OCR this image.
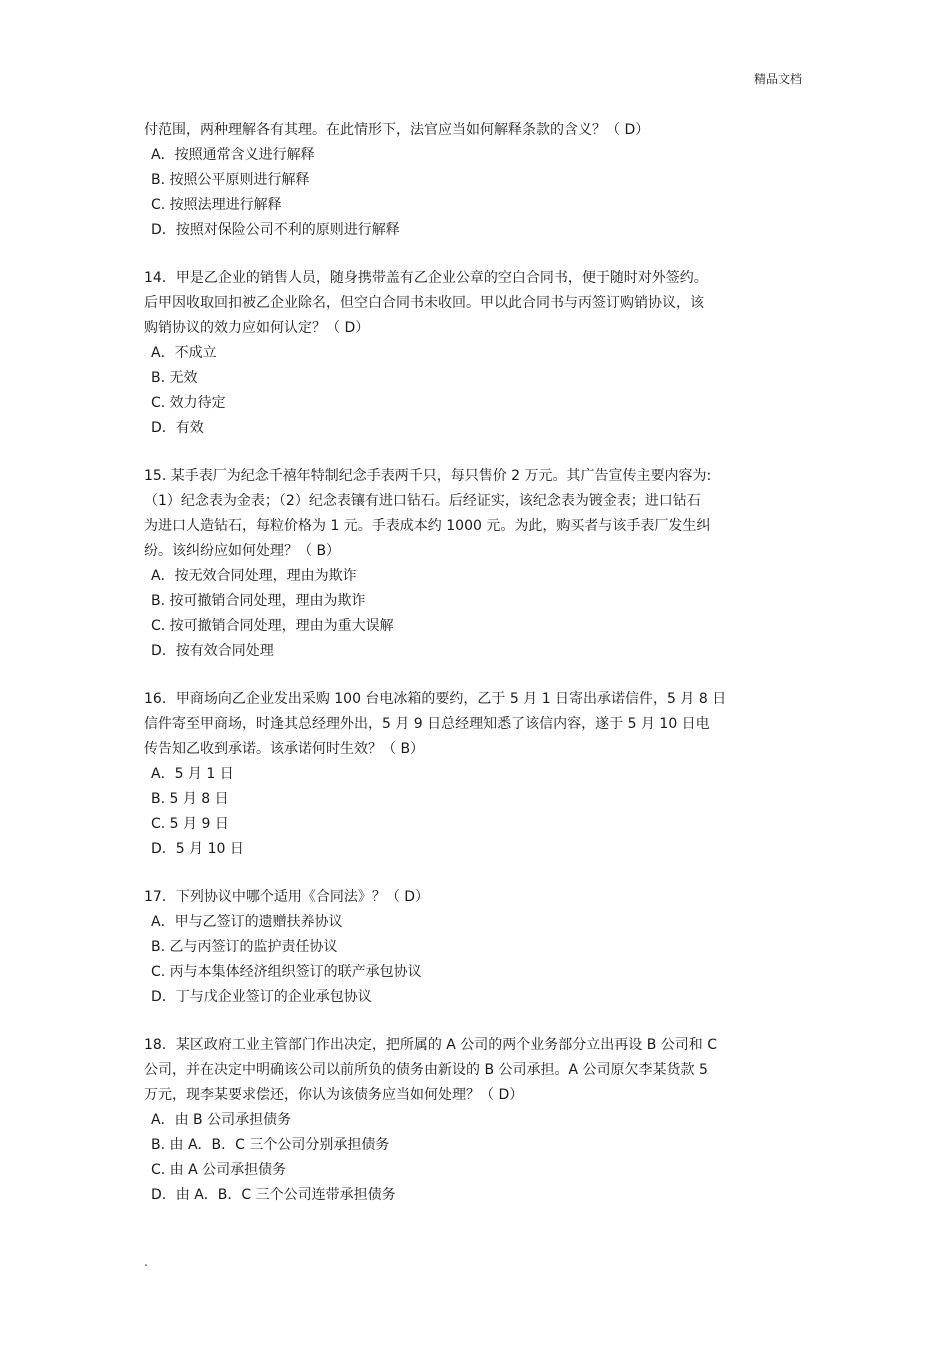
精品文档

付范围，两种理解各有其理。在此情形下，法官应当如何解释条款的含义？（ D）

A．按照通常含义进行解释

B. 按照公平原则进行解释

C. 按照法理进行解释

D．按照对保险公司不利的原则进行解释

14．甲是乙企业的销售人员，随身携带盖有乙企业公章的空白合同书，便于随时对外签约。

后甲因收取回扣被乙企业除名，但空白合同书未收回。甲以此合同书与丙签订购销协议，该

购销协议的效力应如何认定？（ D）

A．不成立

B. 无效

C. 效力待定

D．有效

15. 某手表厂为纪念千禧年特制纪念手表两千只，每只售价 2 万元。其广告宣传主要内容为:

（1）纪念表为金表；（2）纪念表镶有进口钻石。后经证实，该纪念表为镀金表；进口钻石

为进口人造钻石，每粒价格为 1 元。手表成本约 1000 元。为此，购买者与该手表厂发生纠

纷。该纠纷应如何处理？（ B）

A．按无效合同处理，理由为欺诈

B. 按可撤销合同处理，理由为欺诈

C. 按可撤销合同处理，理由为重大误解

D．按有效合同处理

16．甲商场向乙企业发出采购 100 台电冰箱的要约，乙于 5 月 1 日寄出承诺信件，5 月 8 日

信件寄至甲商场，时逢其总经理外出，5 月 9 日总经理知悉了该信内容，遂于 5 月 10 日电

传告知乙收到承诺。该承诺何时生效？（ B）

A．5 月 1 日

B. 5 月 8 日

C. 5 月 9 日

D．5 月 10 日

17．下列协议中哪个适用《合同法》？（ D）

A．甲与乙签订的遗赠扶养协议

B. 乙与丙签订的监护责任协议

C. 丙与本集体经济组织签订的联产承包协议

D．丁与戊企业签订的企业承包协议

18．某区政府工业主管部门作出决定，把所属的 A 公司的两个业务部分立出再设 B 公司和 C

公司，并在决定中明确该公司以前所负的债务由新设的 B 公司承担。A 公司原欠李某货款 5

万元，现李某要求偿还，你认为该债务应当如何处理？（ D）

A．由 B 公司承担债务

B. 由 A．B．C 三个公司分别承担债务

C. 由 A 公司承担债务

D．由 A．B．C 三个公司连带承担债务

.
